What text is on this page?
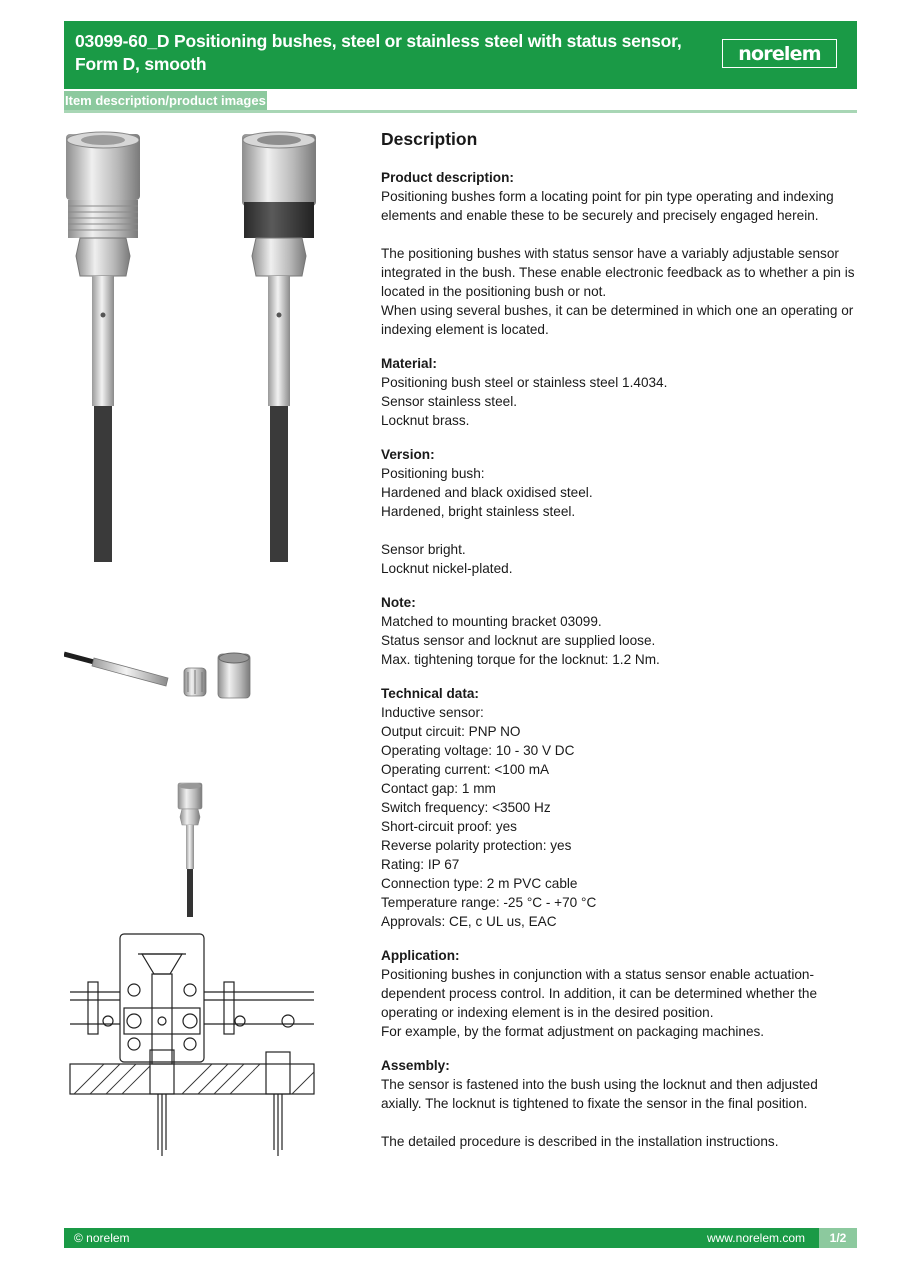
03099-60_D Positioning bushes, steel or stainless steel with status sensor, Form D, smooth	norelem
Item description/product images
Description
Product description:
Positioning bushes form a locating point for pin type operating and indexing elements and enable these to be securely and precisely engaged herein.
The positioning bushes with status sensor have a variably adjustable sensor integrated in the bush. These enable electronic feedback as to whether a pin is located in the positioning bush or not.
When using several bushes, it can be determined in which one an operating or indexing element is located.
Material:
Positioning bush steel or stainless steel 1.4034.
Sensor stainless steel.
Locknut brass.
Version:
Positioning bush:
Hardened and black oxidised steel.
Hardened, bright stainless steel.
Sensor bright.
Locknut nickel-plated.
Note:
Matched to mounting bracket 03099.
Status sensor and locknut are supplied loose.
Max. tightening torque for the locknut: 1.2 Nm.
Technical data:
Inductive sensor:
Output circuit: PNP NO
Operating voltage: 10 - 30 V DC
Operating current: <100 mA
Contact gap: 1 mm
Switch frequency: <3500 Hz
Short-circuit proof: yes
Reverse polarity protection: yes
Rating: IP 67
Connection type: 2 m PVC cable
Temperature range: -25 °C - +70 °C
Approvals: CE, c UL us, EAC
Application:
Positioning bushes in conjunction with a status sensor enable actuation-dependent process control. In addition, it can be determined whether the operating or indexing element is in the desired position.
For example, by the format adjustment on packaging machines.
Assembly:
The sensor is fastened into the bush using the locknut and then adjusted axially. The locknut is tightened to fixate the sensor in the final position.
The detailed procedure is described in the installation instructions.
© norelem	www.norelem.com	1/2
